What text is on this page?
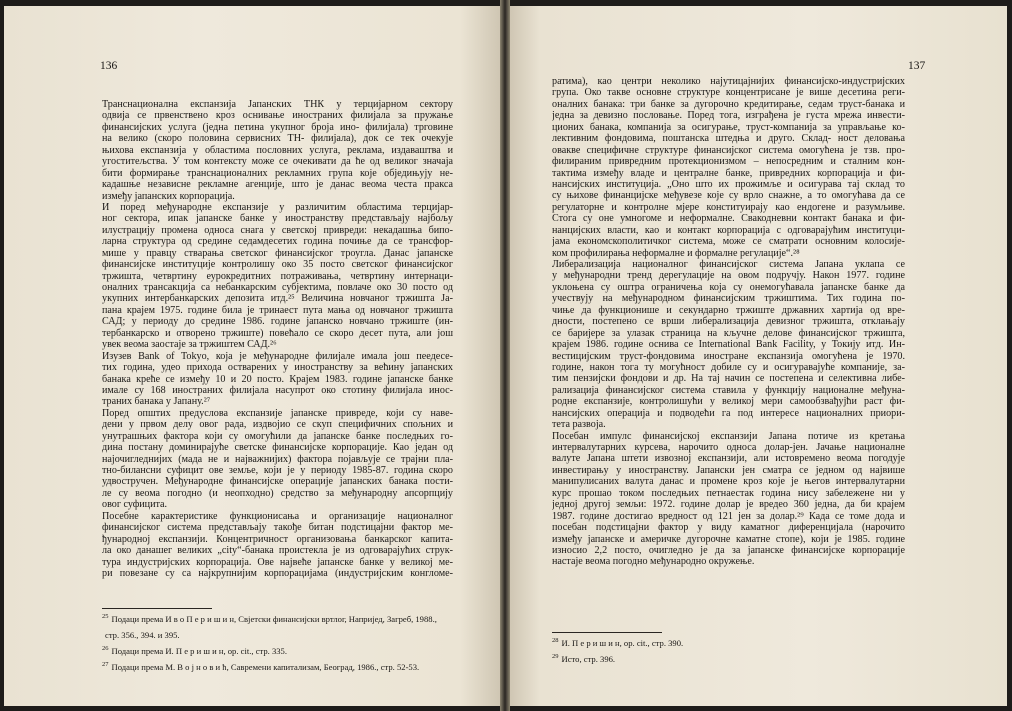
136
Транснационална експанзија Јапанских ТНК у терцијарном сектору
одвија се првенствено кроз оснивање иностраних филијала за пружање
финансијских услуга (једна петина укупног броја ино- филијала) трговине
на велико (скоро половина сервисних ТН- филијала), док се тек очекује
њихова експанзија у областима пословних услуга, реклама, издаваштва и
угоститељства. У том контексту може се очекивати да ће од великог значаја
бити формирање транснационалних рекламних група које обједињују не-
кадашње независне рекламне агенције, што је данас веома честа пракса
између јапанских корпорација.
И поред међународне експанзије у различитим областима терцијар-
ног сектора, ипак јапанске банке у иностранству представљају најбољу
илустрацију промена односа снага у светској привреди: некадашња бипо-
ларна структура од средине седамдесетих година почиње да се трансфор-
мише у правцу стварања светског финансијског троугла. Данас јапанске
финансијске институције контролишу око 35 посто светског финансијског
тржишта, четвртину еурокредитних потраживања, четвртину интернаци-
оналних трансакција са небанкарским субјектима, повлаче око 30 посто од
укупних интербанкарских депозита итд.²⁵ Величина новчаног тржишта Ја-
пана крајем 1975. године била је тринаест пута мања од новчаног тржишта
САД; у периоду до средине 1986. године јапанско новчано тржиште (ин-
тербанкарско и отворено тржиште) повећало се скоро десет пута, али још
увек веома заостаје за тржиштем САД.²⁶
Изузев Bank of Tokyo, која је међународне филијале имала још пеедесе-
тих година, удео прихода остварених у иностранству за већину јапанских
банака креће се између 10 и 20 посто. Крајем 1983. године јапанске банке
имале су 168 иностраних филијала насупрот око стотину филијала инос-
траних банака у Јапану.²⁷
Поред општих предуслова експанзије јапанске привреде, који су наве-
дени у првом делу овог рада, издвојио се скуп специфичних спољних и
унутрашњих фактора који су омогућили да јапанске банке последњих го-
дина постану доминирајуће светске финансијске корпорације. Као један од
најочигледнијих (мада не и најважнијих) фактора појављује се трајни пла-
тно-билансни суфицит ове земље, који је у периоду 1985-87. година скоро
удвостручен. Међународне финансијске операције јапанских банака пости-
ле су веома погодно (и неопходно) средство за међународну апсорпцију
овог суфицита.
Посебне карактеристике функционисања и организације националног
финансијског система представљају такође битан подстицајни фактор ме-
ђународној експанзији. Концентричност организовања банкарског капита-
ла око данашег великих „city“-банака проистекла је из одговарајућих струк-
тура индустријских корпорација. Ове највеће јапанске банке у великој ме-
ри повезане су са најкрупнијим корпорацијама (индустријским конгломе-
$^{25}$ Подаци према И в о П е р и ш и н, Свјетски финансијски вртлог, Напријед, Загреб, 1988.,
стр. 356., 394. и 395.
$^{26}$ Подаци према И. П е р и ш и н, op. cit., стр. 335.
$^{27}$ Подаци према М. В о ј н о в и ћ, Савремени капитализам, Београд, 1986., стр. 52-53.
137
ратима), као центри неколико најутицајнијих финансијско-индустријских
група. Око такве основне структуре концентрисане је више десетина реги-
оналних банака: три банке за дугорочно кредитирање, седам труст-банака и
једна за девизно пословање. Поред тога, изграђена је густа мрежа инвести-
ционих банака, компанија за осигурање, труст-компанија за управљање ко-
лективним фондовима, поштанска штедња и друго. Склад- ност деловања
овакве специфичне структуре финансијског система омогућена је тзв. про-
филираним привредним протекционизмом – непосредним и сталним кон-
тактима између владе и централне банке, привредних корпорација и фи-
нансијских институција. „Оно што их прожимље и осигурава тај склад то
су њихове финанцијске међувезе које су врло снажне, а то омогућава да се
регулаторне и контролне мјере конституирају као ендогене и разумљиве.
Стога су оне умногоме и неформалне. Свакодневни контакт банака и фи-
нанцијских власти, као и контакт корпорација с одговарајућим институци-
јама економскополитичког система, може се сматрати основним колосије-
ком профилирања неформалне и формалне регулације“.²⁸
Либерализација националног финансијског система Јапана уклапа се
у међународни тренд дерегулације на овом подручју. Након 1977. године
уклоњена су оштра ограничења која су онемогућавала јапанске банке да
учествују на међународном финансијским тржиштима. Тих година по-
чиње да функционише и секундарно тржиште државних хартија од вре-
дности, постепено се врши либерализација девизног тржишта, отклањају
се баријере за улазак страница на кључне делове финансијског тржишта,
крајем 1986. године оснива се International Bank Facility, у Токију итд. Ин-
вестицијским труст-фондовима иностране експанзија омогућена је 1970.
године, након тога ту могућност добиле су и осигуравајуће компаније, за-
тим пензијски фондови и др. На тај начин се постепена и селективна либе-
рализација финансијског система ставила у функцију националне међуна-
родне експанзије, контролишући у великој мери самообзвађујћи раст фи-
нансијских операција и подводећи га под интересе националних приори-
тета развоја.
Посебан импулс финансијској експанзији Јапана потиче из кретања
интервалутарних курсева, нарочито односа долар-јен. Јачање националне
валуте Јапана штети извозној експанзији, али истовремено веома погодује
инвестирању у иностранству. Јапански јен сматра се једном од највише
манипулисаних валута данас и промене кроз које је његов интервалутарни
курс прошао током последњих петнаестак година нису забележене ни у
једној другој земљи: 1972. године долар је вредео 360 једна, да би крајем
1987. године достигао вредност од 121 јен за долар.²⁹ Када се томе дода и
посебан подстицајни фактор у виду каматног диференцијала (нарочито
између јапанске и америчке дугорочне каматне стопе), који је 1985. године
износио 2,2 посто, очигледно је да за јапанске финансијске корпорације
настаје веома погодно међународно окружење.
$^{28}$ И. П е р и ш и н, op. cit., стр. 390.
$^{29}$ Исто, стр. 396.
